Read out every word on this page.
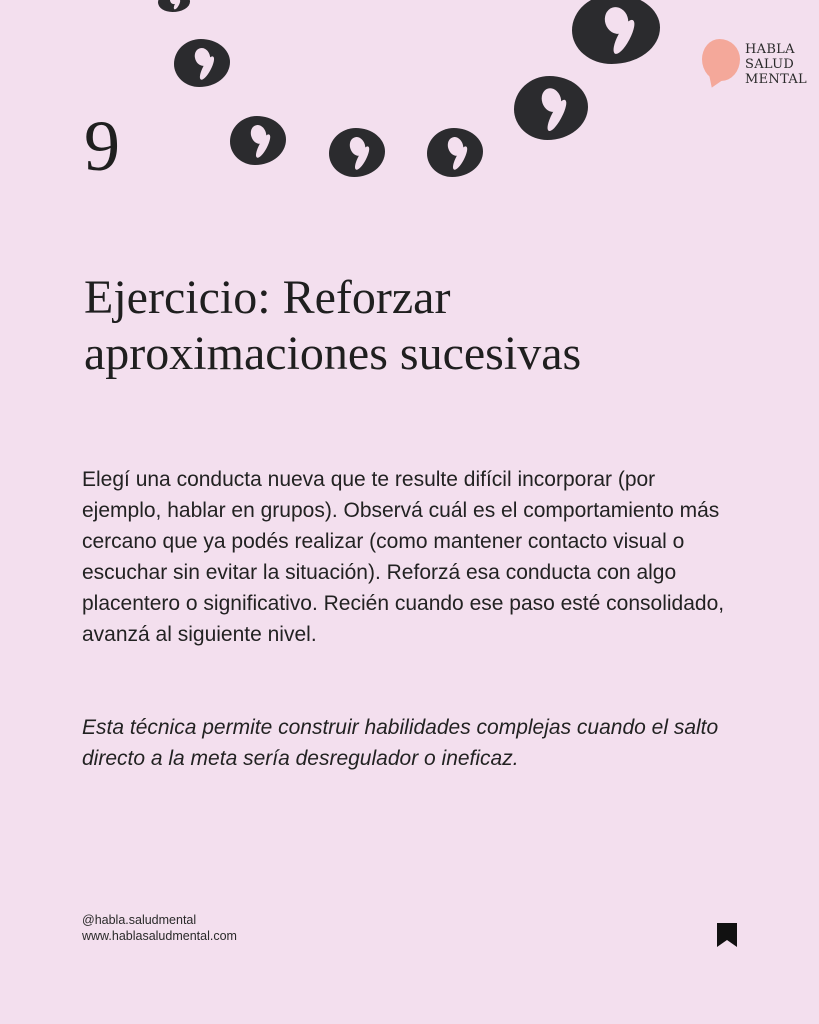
HABLA
SALUD
MENTAL
9
Ejercicio: Reforzar aproximaciones sucesivas

Elegí una conducta nueva que te resulte difícil incorporar (por ejemplo, hablar en grupos). Observá cuál es el comportamiento más cercano que ya podés realizar (como mantener contacto visual o escuchar sin evitar la situación). Reforzá esa conducta con algo placentero o significativo. Recién cuando ese paso esté consolidado, avanzá al siguiente nivel.

Esta técnica permite construir habilidades complejas cuando el salto directo a la meta sería desregulador o ineficaz.

@habla.saludmental
www.hablasaludmental.com
